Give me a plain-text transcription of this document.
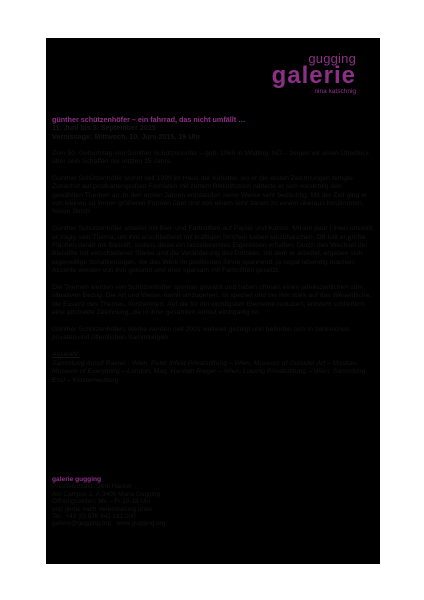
gugging
galerie
nina katschnig
günther schützenhöfer – ein fahrrad, das nicht umfällt …
11. Juni bis 3. September 2015
Vernissage: Mittwoch, 10. Juni 2015, 19 Uhr
Zum 50. Geburtstag von Günther Schützenhöfer – geb. 1965 in Mödling, NÖ – zeigen wir einen Überblick über sein Schaffen der letzten 15 Jahre.
Günther Schützenhöfer wohnt seit 1999 im Haus der Künstler, wo er die ersten Zeichnungen fertigte. Zunächst auf postkartengroßen Formaten mit zartem Bleistiftstrich näherte er sich vorsichtig den gewählten Themen an. In den ersten Jahren entstanden seine Werke sehr bedächtig. Mit der Zeit ging er von kleinen zu immer größeren Formen über und von einem sehr zarten zu einem überaus bestimmten, festen Strich.
Günther Schützenhöfer arbeitet mit Blei- und Farbstiften auf Papier und Karton. Mit ein paar Linien umreißt er zügig sein Thema, um ihm anschließend mit kräftigen Strichen Leben einzuhauchen. Oft füllt er große Flächen derart mit Bleistift, sodass diese ein faszinierendes Eigenleben erhalten. Durch den Wechsel der Bleistifte mit verschiedener Stärke und die Veränderung des Druckes, mit dem er arbeitet, ergeben sich eigenwillige Schattierungen, die das Werk im positivsten Sinne spannend, ja sogar lebendig machen. Akzente werden von ihm gekonnt und eher sparsam mit Farbstiften gesetzt.
Die Themen werden von Schützenhöfer spontan gewählt und haben oftmals einen jahreszeitlichen oder situativen Bezug. Die Art und Weise, damit umzugehen, ist speziell und bei ihm stark auf das Wesentliche, die Essenz des Themas, konzentriert. Auf die für ihn wichtigsten Elemente reduziert, entsteht schließlich eine abstrakte Zeichnung, die in ihrer gesamten Anmut einzigartig ist.
Günther Schützenhöfers Werke werden seit 2001 weltweit gezeigt und befinden sich in zahlreichen privaten und öffentlichen Sammlungen.
Auswahl:
Sammlung Arnulf Rainer - Wien, Peter Infeld Privatstiftung – Wien, Museum of Outsider Art – Moskau, Museum of Everything – London, Mag. Hannah Rieger – Wien, Liaunig Privatstiftung – Wien, Sammlung Essl – Klosterneuburg
galerie gugging
Pressekontakt: Gerti Hacker
Am Campus 2, A-3400 Maria Gugging
Öffnungszeiten: Mo – Fr 10-18 Uhr
und gerne nach Vereinbarung unter
Tel.: +43 (0) 676 841 181 200
gallery@gugging.org   www.gugging.org
